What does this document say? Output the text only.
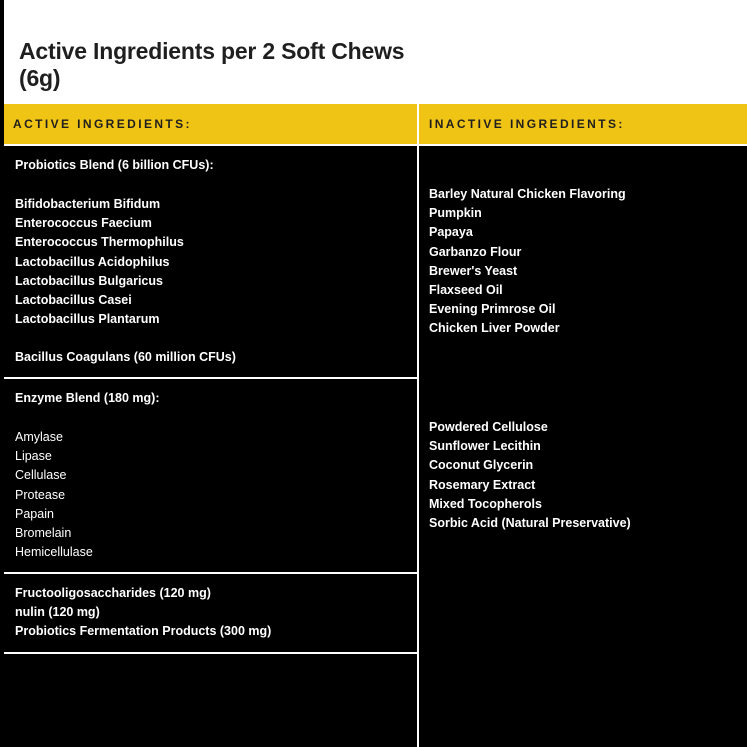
Active Ingredients per 2 Soft Chews (6g)
ACTIVE INGREDIENTS:	INACTIVE INGREDIENTS:

Probiotics Blend (6 billion CFUs):

Bifidobacterium Bifidum
Enterococcus Faecium
Enterococcus Thermophilus
Lactobacillus Acidophilus
Lactobacillus Bulgaricus
Lactobacillus Casei
Lactobacillus Plantarum

Bacillus Coagulans (60 million CFUs)

Enzyme Blend (180 mg):

Amylase
Lipase
Cellulase
Protease
Papain
Bromelain
Hemicellulase
Fructooligosaccharides (120 mg)
nulin (120 mg)
Probiotics Fermentation Products (300 mg)
Barley Natural Chicken Flavoring
Pumpkin
Papaya
Garbanzo Flour
Brewer's Yeast
Flaxseed Oil
Evening Primrose Oil
Chicken Liver Powder
Powdered Cellulose
Sunflower Lecithin
Coconut Glycerin
Rosemary Extract
Mixed Tocopherols
Sorbic Acid (Natural Preservative)
